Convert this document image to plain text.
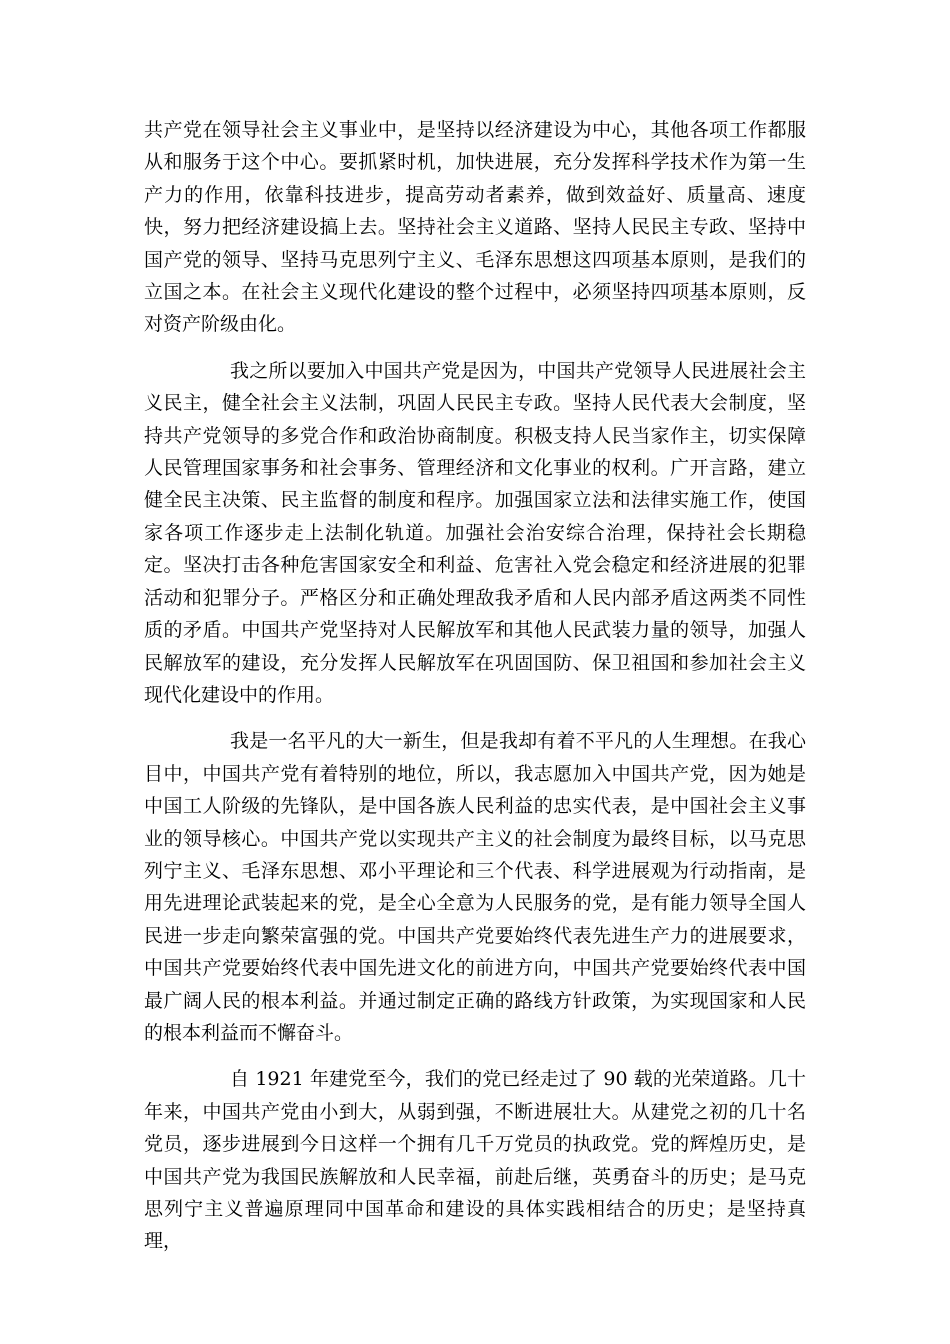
共产党在领导社会主义事业中，是坚持以经济建设为中心，其他各项工作都服从和服务于这个中心。要抓紧时机，加快进展，充分发挥科学技术作为第一生产力的作用，依靠科技进步，提高劳动者素养，做到效益好、质量高、速度快，努力把经济建设搞上去。坚持社会主义道路、坚持人民民主专政、坚持中国产党的领导、坚持马克思列宁主义、毛泽东思想这四项基本原则，是我们的立国之本。在社会主义现代化建设的整个过程中，必须坚持四项基本原则，反对资产阶级由化。

我之所以要加入中国共产党是因为，中国共产党领导人民进展社会主义民主，健全社会主义法制，巩固人民民主专政。坚持人民代表大会制度，坚持共产党领导的多党合作和政治协商制度。积极支持人民当家作主，切实保障人民管理国家事务和社会事务、管理经济和文化事业的权利。广开言路，建立健全民主决策、民主监督的制度和程序。加强国家立法和法律实施工作，使国家各项工作逐步走上法制化轨道。加强社会治安综合治理，保持社会长期稳定。坚决打击各种危害国家安全和利益、危害社入党会稳定和经济进展的犯罪活动和犯罪分子。严格区分和正确处理敌我矛盾和人民内部矛盾这两类不同性质的矛盾。中国共产党坚持对人民解放军和其他人民武装力量的领导，加强人民解放军的建设，充分发挥人民解放军在巩固国防、保卫祖国和参加社会主义现代化建设中的作用。

我是一名平凡的大一新生，但是我却有着不平凡的人生理想。在我心目中，中国共产党有着特别的地位，所以，我志愿加入中国共产党，因为她是中国工人阶级的先锋队，是中国各族人民利益的忠实代表，是中国社会主义事业的领导核心。中国共产党以实现共产主义的社会制度为最终目标，以马克思列宁主义、毛泽东思想、邓小平理论和三个代表、科学进展观为行动指南，是用先进理论武装起来的党，是全心全意为人民服务的党，是有能力领导全国人民进一步走向繁荣富强的党。中国共产党要始终代表先进生产力的进展要求，中国共产党要始终代表中国先进文化的前进方向，中国共产党要始终代表中国最广阔人民的根本利益。并通过制定正确的路线方针政策，为实现国家和人民的根本利益而不懈奋斗。

自 1921 年建党至今，我们的党已经走过了 90 载的光荣道路。几十年来，中国共产党由小到大，从弱到强，不断进展壮大。从建党之初的几十名党员，逐步进展到今日这样一个拥有几千万党员的执政党。党的辉煌历史，是中国共产党为我国民族解放和人民幸福，前赴后继，英勇奋斗的历史；是马克思列宁主义普遍原理同中国革命和建设的具体实践相结合的历史；是坚持真理，
